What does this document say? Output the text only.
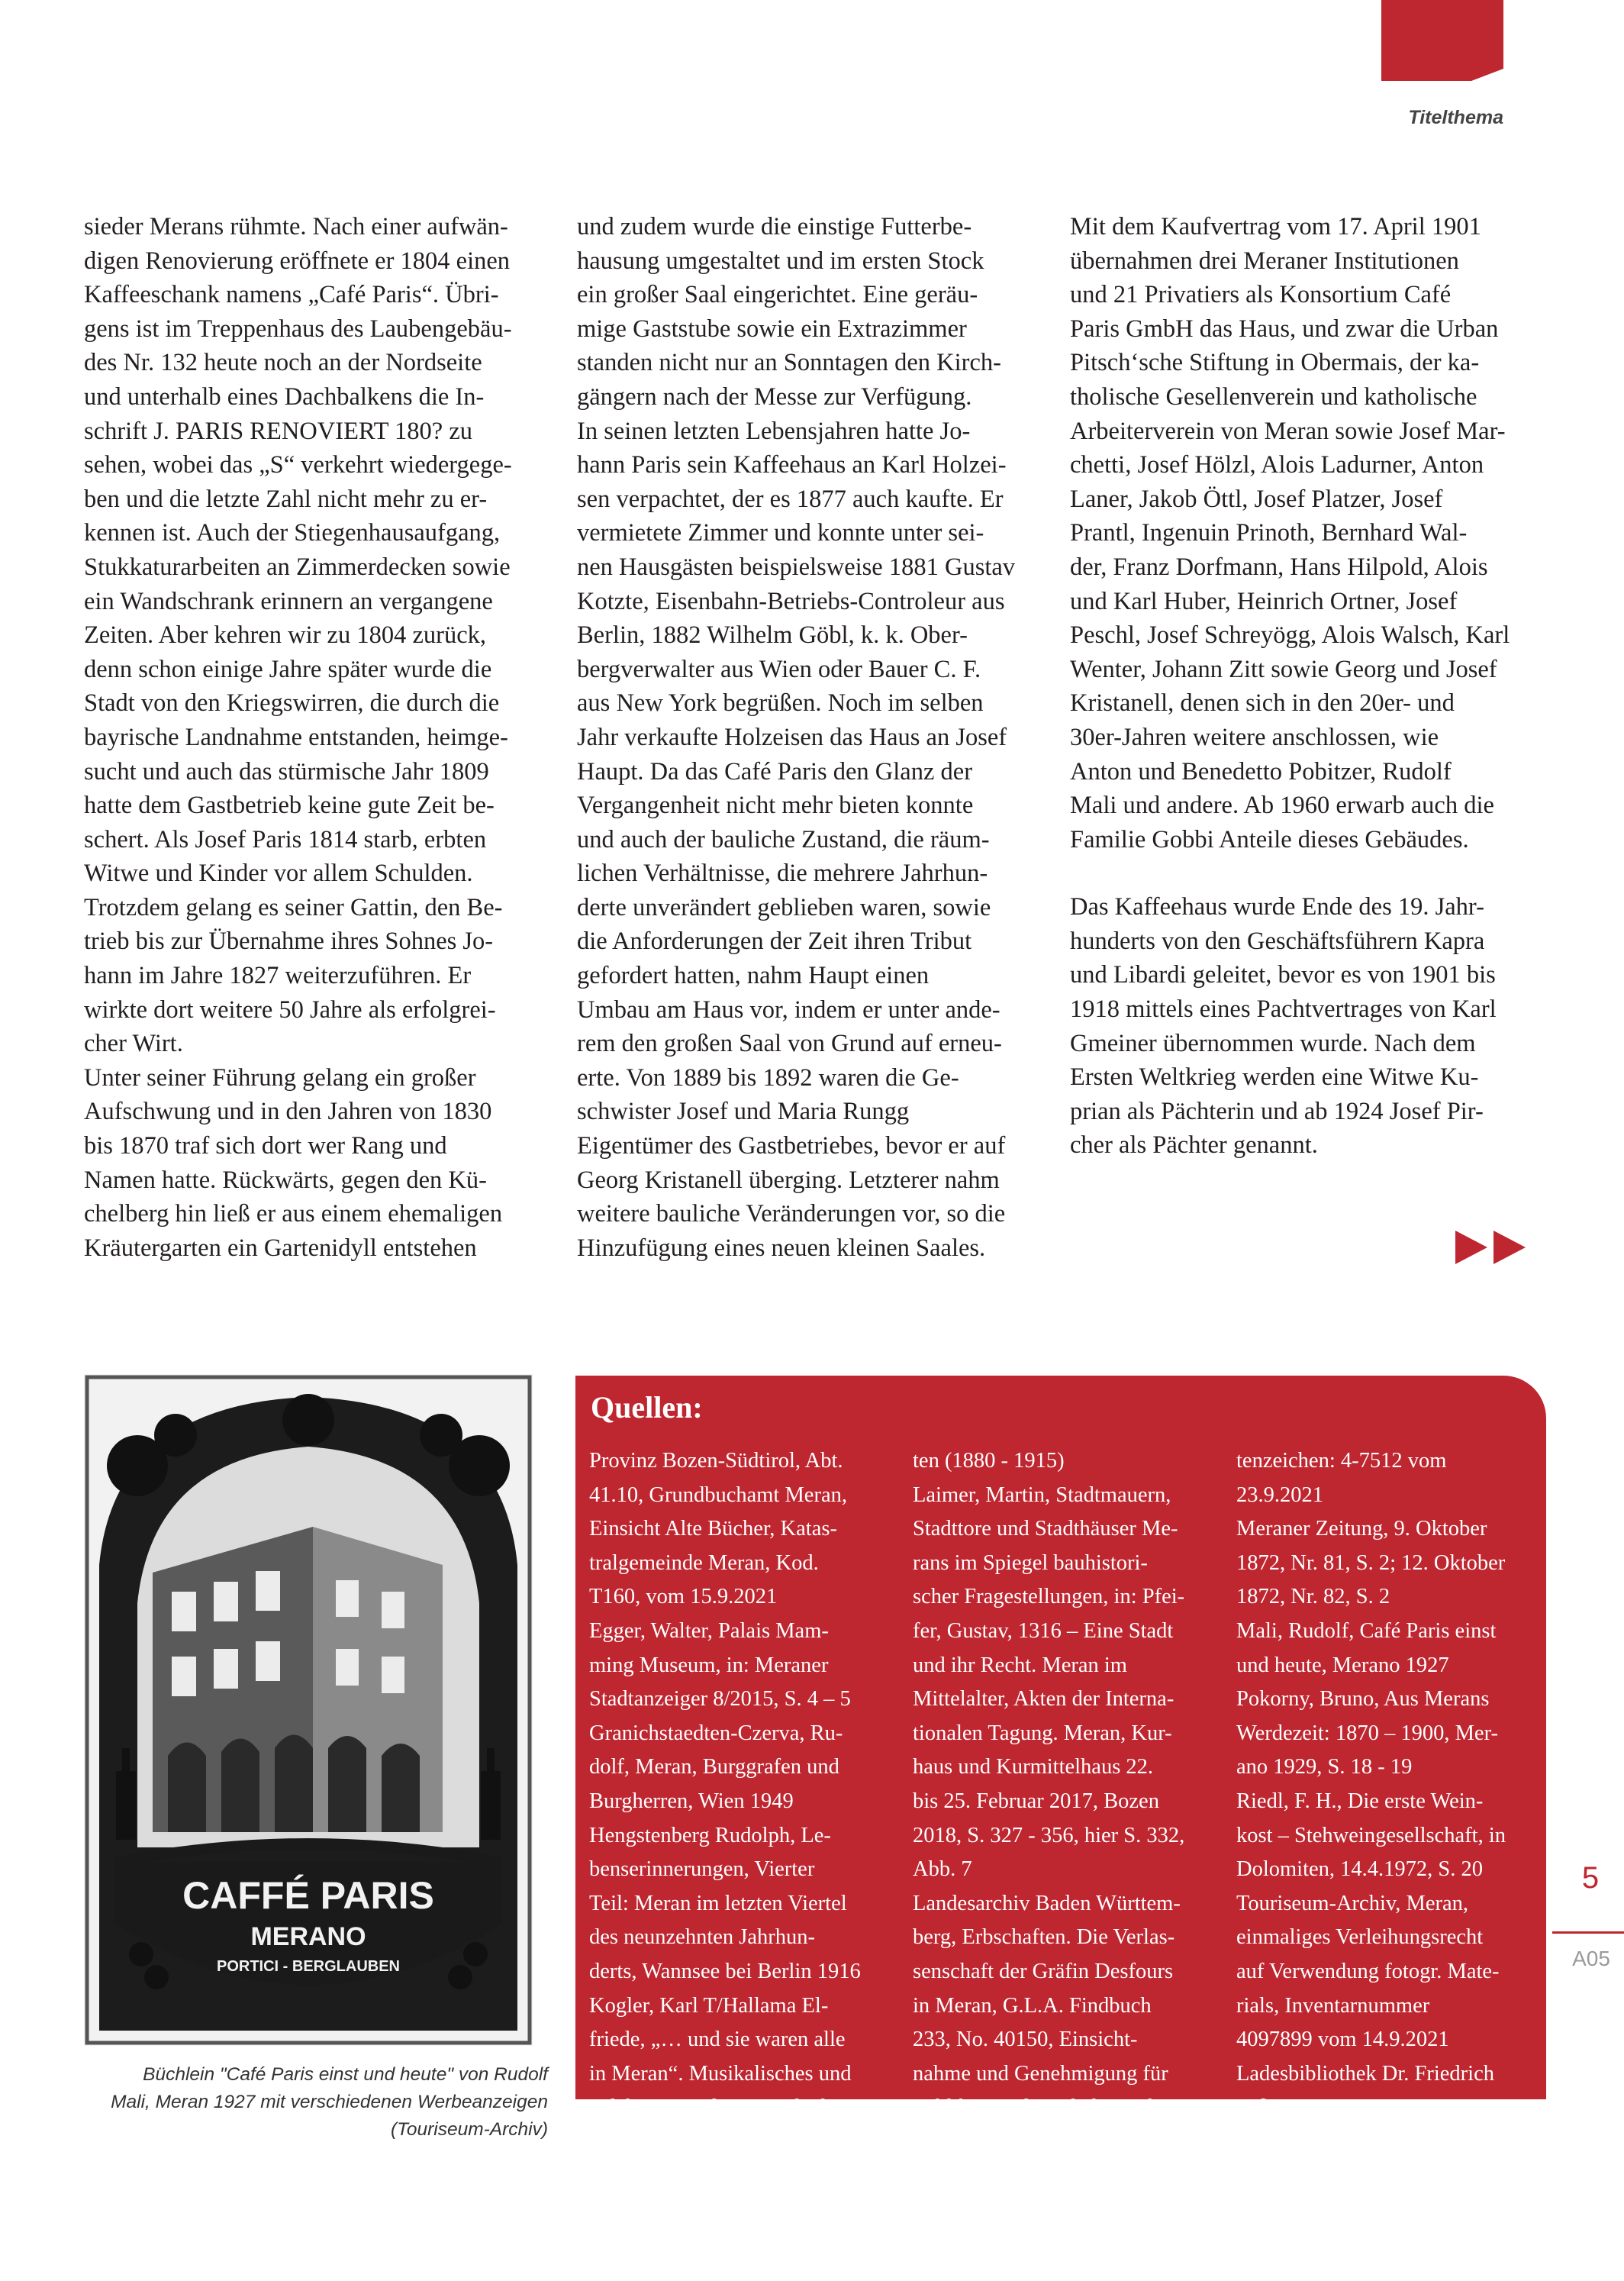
Titelthema

sieder Merans rühmte. Nach einer aufwän-

digen Renovierung eröffnete er 1804 einen

Kaffeeschank namens „Café Paris“. Übri-

gens ist im Treppenhaus des Laubengebäu-

des Nr. 132 heute noch an der Nordseite

und unterhalb eines Dachbalkens die In-

schrift J. PARIS RENOVIERT 180? zu

sehen, wobei das „S“ verkehrt wiedergege-

ben und die letzte Zahl nicht mehr zu er-

kennen ist. Auch der Stiegenhausaufgang,

Stukkaturarbeiten an Zimmerdecken sowie

ein Wandschrank erinnern an vergangene

Zeiten. Aber kehren wir zu 1804 zurück,

denn schon einige Jahre später wurde die

Stadt von den Kriegswirren, die durch die

bayrische Landnahme entstanden, heimge-

sucht und auch das stürmische Jahr 1809

hatte dem Gastbetrieb keine gute Zeit be-

schert. Als Josef Paris 1814 starb, erbten

Witwe und Kinder vor allem Schulden.

Trotzdem gelang es seiner Gattin, den Be-

trieb bis zur Übernahme ihres Sohnes Jo-

hann im Jahre 1827 weiterzuführen. Er

wirkte dort weitere 50 Jahre als erfolgrei-

cher Wirt.

Unter seiner Führung gelang ein großer

Aufschwung und in den Jahren von 1830

bis 1870 traf sich dort wer Rang und

Namen hatte. Rückwärts, gegen den Kü-

chelberg hin ließ er aus einem ehemaligen

Kräutergarten ein Gartenidyll entstehen

und zudem wurde die einstige Futterbe-

hausung umgestaltet und im ersten Stock

ein großer Saal eingerichtet. Eine geräu-

mige Gaststube sowie ein Extrazimmer

standen nicht nur an Sonntagen den Kirch-

gängern nach der Messe zur Verfügung.

In seinen letzten Lebensjahren hatte Jo-

hann Paris sein Kaffeehaus an Karl Holzei-

sen verpachtet, der es 1877 auch kaufte. Er

vermietete Zimmer und konnte unter sei-

nen Hausgästen beispielsweise 1881 Gustav

Kotzte, Eisenbahn-Betriebs-Controleur aus

Berlin, 1882 Wilhelm Göbl, k. k. Ober-

bergverwalter aus Wien oder Bauer C. F.

aus New York begrüßen. Noch im selben

Jahr verkaufte Holzeisen das Haus an Josef

Haupt. Da das Café Paris den Glanz der

Vergangenheit nicht mehr bieten konnte

und auch der bauliche Zustand, die räum-

lichen Verhältnisse, die mehrere Jahrhun-

derte unverändert geblieben waren, sowie

die Anforderungen der Zeit ihren Tribut

gefordert hatten, nahm Haupt einen

Umbau am Haus vor, indem er unter ande-

rem den großen Saal von Grund auf erneu-

erte. Von 1889 bis 1892 waren die Ge-

schwister Josef und Maria Rungg

Eigentümer des Gastbetriebes, bevor er auf

Georg Kristanell überging. Letzterer nahm

weitere bauliche Veränderungen vor, so die

Hinzufügung eines neuen kleinen Saales.

Mit dem Kaufvertrag vom 17. April 1901

übernahmen drei Meraner Institutionen

und 21 Privatiers als Konsortium Café

Paris GmbH das Haus, und zwar die Urban

Pitsch‘sche Stiftung in Obermais, der ka-

tholische Gesellenverein und katholische

Arbeiterverein von Meran sowie Josef Mar-

chetti, Josef Hölzl, Alois Ladurner, Anton

Laner, Jakob Öttl, Josef Platzer, Josef

Prantl, Ingenuin Prinoth, Bernhard Wal-

der, Franz Dorfmann, Hans Hilpold, Alois

und Karl Huber, Heinrich Ortner, Josef

Peschl, Josef Schreyögg, Alois Walsch, Karl

Wenter, Johann Zitt sowie Georg und Josef

Kristanell, denen sich in den 20er- und

30er-Jahren weitere anschlossen, wie

Anton und Benedetto Pobitzer, Rudolf

Mali und andere. Ab 1960 erwarb auch die

Familie Gobbi Anteile dieses Gebäudes.

Das Kaffeehaus wurde Ende des 19. Jahr-

hunderts von den Geschäftsführern Kapra

und Libardi geleitet, bevor es von 1901 bis

1918 mittels eines Pachtvertrages von Karl

Gmeiner übernommen wurde. Nach dem

Ersten Weltkrieg werden eine Witwe Ku-

prian als Pächterin und ab 1924 Josef Pir-

cher als Pächter genannt.

CAFFÉ PARIS
MERANO
PORTICI - BERGLAUBEN

Büchlein "Café Paris einst und heute" von Rudolf

Mali, Meran 1927 mit verschiedenen Werbeanzeigen

(Touriseum-Archiv)

Quellen:

Provinz Bozen-Südtirol, Abt.

41.10, Grundbuchamt Meran,

Einsicht Alte Bücher, Katas-

tralgemeinde Meran, Kod.

T160, vom 15.9.2021

Egger, Walter, Palais Mam-

ming Museum, in: Meraner

Stadtanzeiger 8/2015, S. 4 – 5

Granichstaedten-Czerva, Ru-

dolf, Meran, Burggrafen und

Burgherren, Wien 1949

Hengstenberg Rudolph, Le-

benserinnerungen, Vierter

Teil: Meran im letzten Viertel

des neunzehnten Jahrhun-

derts, Wannsee bei Berlin 1916

Kogler, Karl T/Hallama El-

friede, „… und sie waren alle

in Meran“. Musikalisches und

Adeliges aus den Fremdenlis-

ten (1880 - 1915)

Laimer, Martin, Stadtmauern,

Stadttore und Stadthäuser Me-

rans im Spiegel bauhistori-

scher Fragestellungen, in: Pfei-

fer, Gustav, 1316 – Eine Stadt

und ihr Recht. Meran im

Mittelalter, Akten der Interna-

tionalen Tagung. Meran, Kur-

haus und Kurmittelhaus 22.

bis 25. Februar 2017, Bozen

2018, S. 327 - 356, hier S. 332,

Abb. 7

Landesarchiv Baden Württem-

berg, Erbschaften. Die Verlas-

senschaft der Gräfin Desfours

in Meran, G.L.A. Findbuch

233, No. 40150, Einsicht-

nahme und Genehmigung für

Publikation des Inhaltes: Ak-

tenzeichen: 4-7512 vom

23.9.2021

Meraner Zeitung, 9. Oktober

1872, Nr. 81, S. 2; 12. Oktober

1872, Nr. 82, S. 2

Mali, Rudolf, Café Paris einst

und heute, Merano 1927

Pokorny, Bruno, Aus Merans

Werdezeit: 1870 – 1900, Mer-

ano 1929, S. 18 - 19

Riedl, F. H., Die erste Wein-

kost – Stehweingesellschaft, in

Dolomiten, 14.4.1972, S. 20

Touriseum-Archiv, Meran,

einmaliges Verleihungsrecht

auf Verwendung fotogr. Mate-

rials, Inventarnummer

4097899 vom 14.9.2021

Ladesbibliothek Dr. Friedrich

Teßmann

5
A05
